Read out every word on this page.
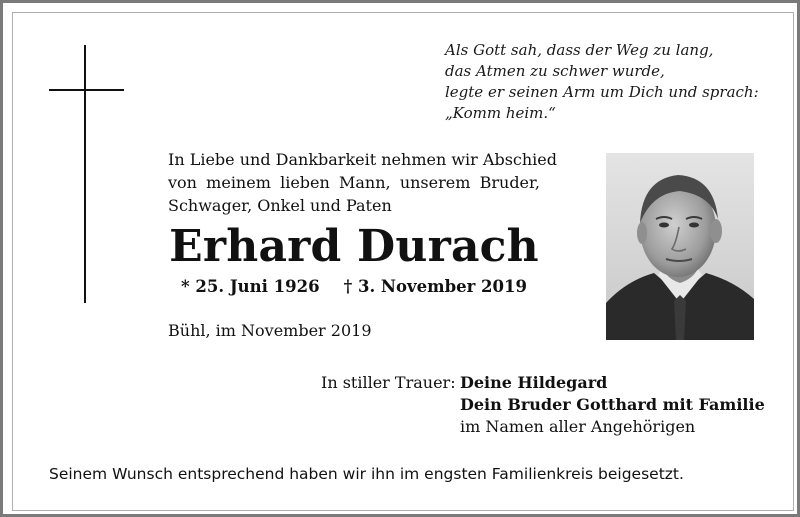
Als Gott sah, dass der Weg zu lang,
das Atmen zu schwer wurde,
legte er seinen Arm um Dich und sprach:
„Komm heim.“
In Liebe und Dankbarkeit nehmen wir Abschied
von meinem lieben Mann, unserem Bruder,
Schwager, Onkel und Paten
Erhard Durach
* 25. Juni 1926 † 3. November 2019
Bühl, im November 2019
In stiller Trauer: Deine Hildegard
Dein Bruder Gotthard mit Familie
im Namen aller Angehörigen
Seinem Wunsch entsprechend haben wir ihn im engsten Familienkreis beigesetzt.
